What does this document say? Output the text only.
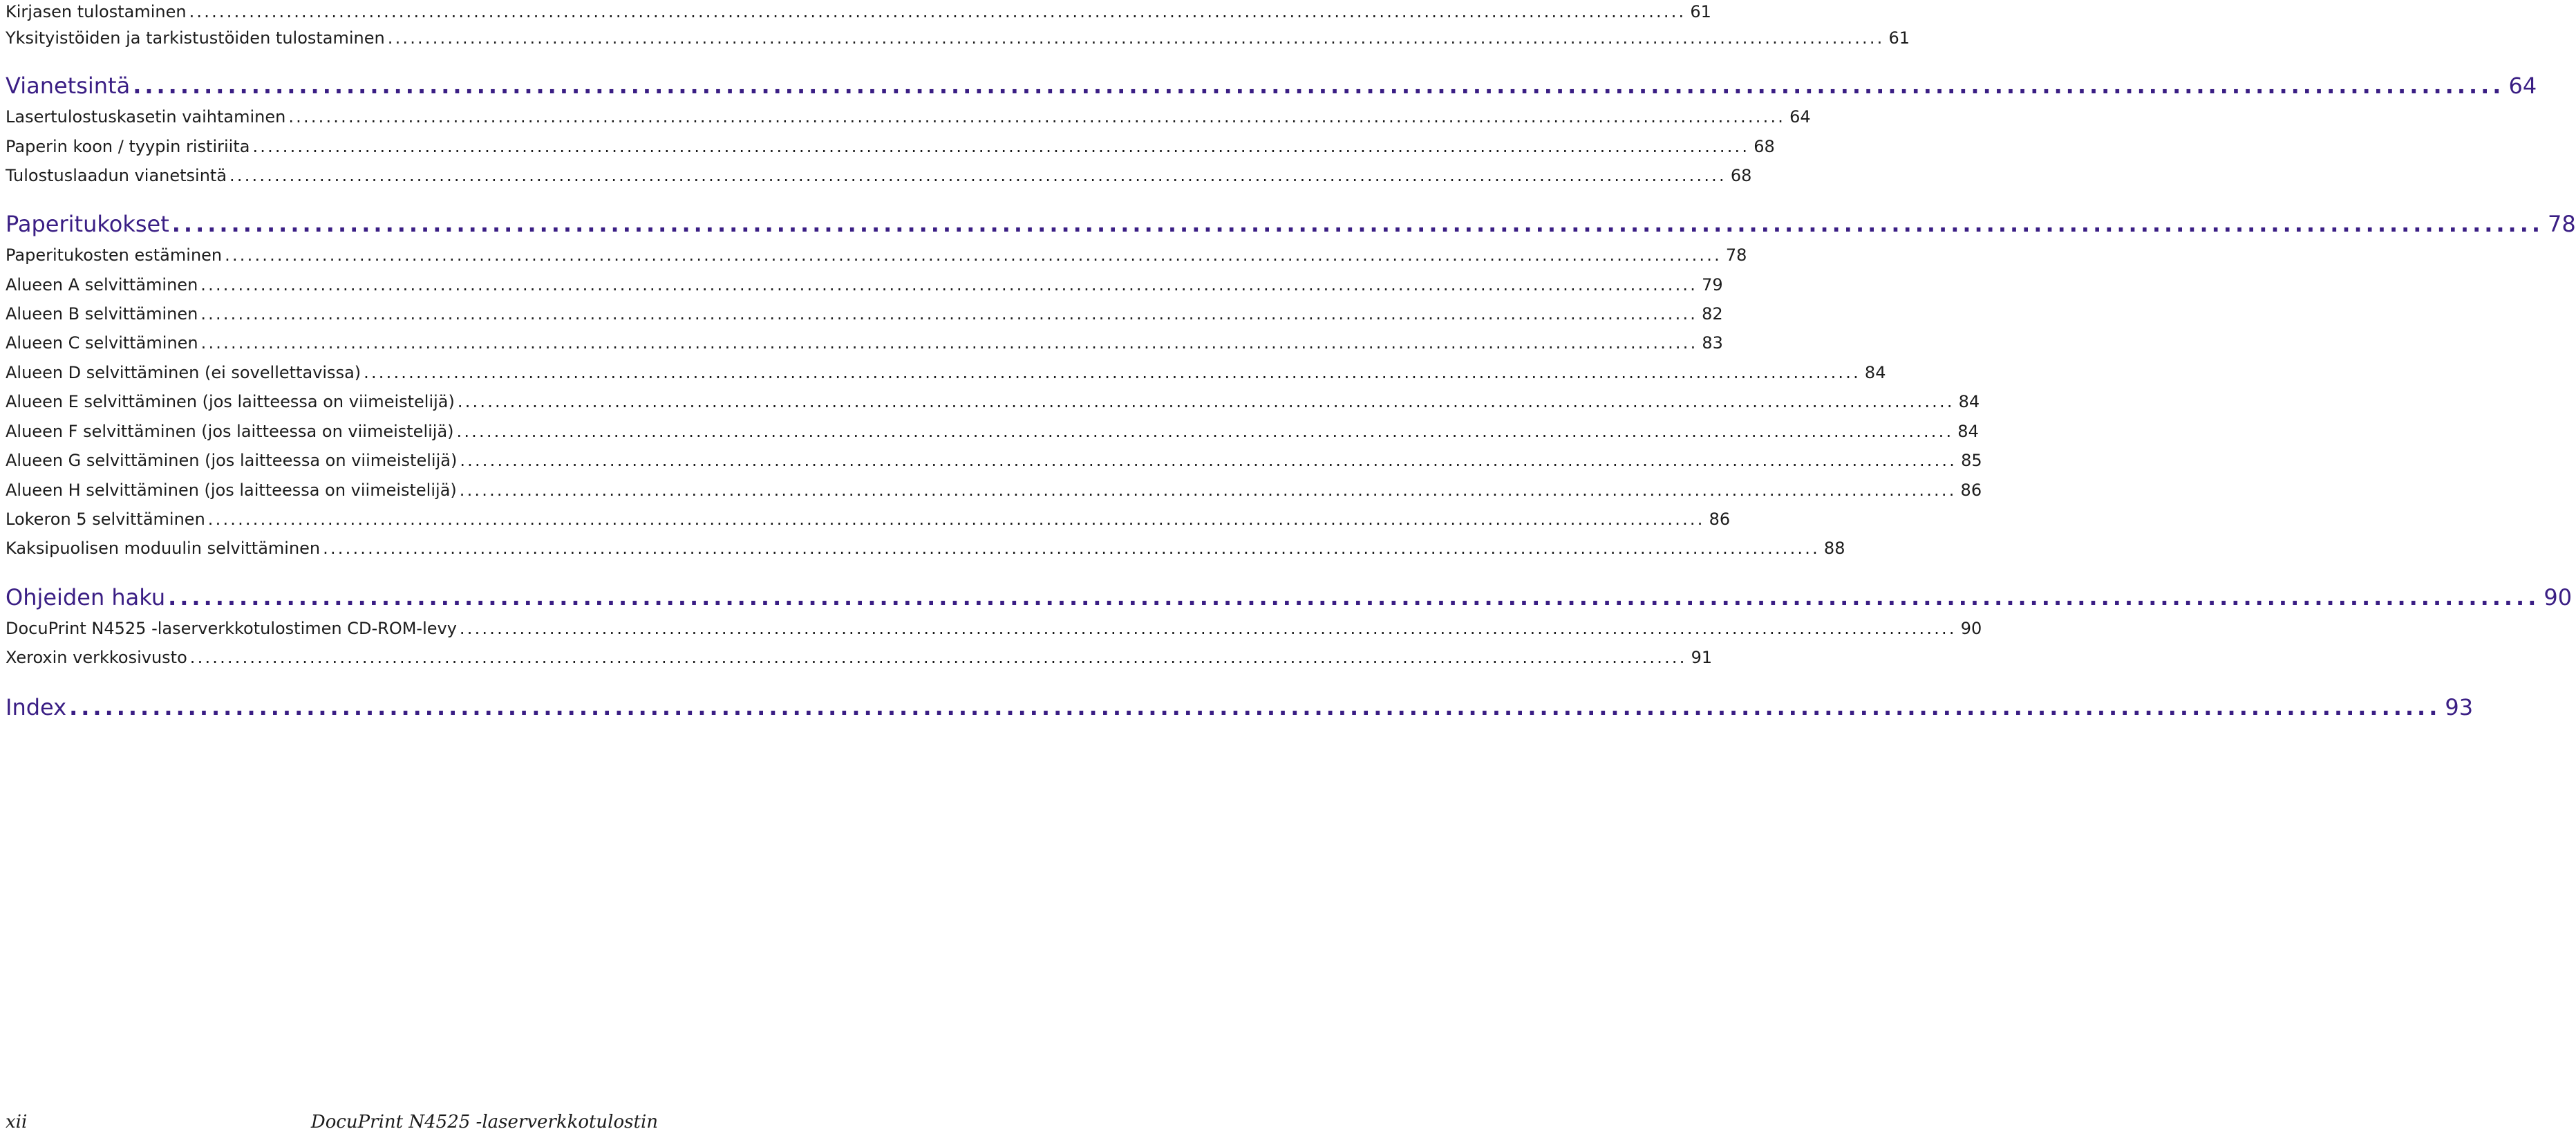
Kirjasen tulostaminen ........................................................................................................................................................................................................ 61
Yksityistöiden ja tarkistustöiden tulostaminen ........................................................................................................................................................................................................ 61
Vianetsintä ........................................................................................................................................................................................................ 64
Lasertulostuskasetin vaihtaminen ........................................................................................................................................................................................................ 64
Paperin koon / tyypin ristiriita ........................................................................................................................................................................................................ 68
Tulostuslaadun vianetsintä ........................................................................................................................................................................................................ 68
Paperitukokset ........................................................................................................................................................................................................ 78
Paperitukosten estäminen ........................................................................................................................................................................................................ 78
Alueen A selvittäminen ........................................................................................................................................................................................................ 79
Alueen B selvittäminen ........................................................................................................................................................................................................ 82
Alueen C selvittäminen ........................................................................................................................................................................................................ 83
Alueen D selvittäminen (ei sovellettavissa) ........................................................................................................................................................................................................ 84
Alueen E selvittäminen (jos laitteessa on viimeistelijä) ........................................................................................................................................................................................................ 84
Alueen F selvittäminen (jos laitteessa on viimeistelijä) ........................................................................................................................................................................................................ 84
Alueen G selvittäminen (jos laitteessa on viimeistelijä) ........................................................................................................................................................................................................ 85
Alueen H selvittäminen (jos laitteessa on viimeistelijä) ........................................................................................................................................................................................................ 86
Lokeron 5 selvittäminen ........................................................................................................................................................................................................ 86
Kaksipuolisen moduulin selvittäminen ........................................................................................................................................................................................................ 88
Ohjeiden haku ........................................................................................................................................................................................................ 90
DocuPrint N4525 -laserverkkotulostimen CD-ROM-levy ........................................................................................................................................................................................................ 90
Xeroxin verkkosivusto ........................................................................................................................................................................................................ 91
Index ........................................................................................................................................................................................................ 93
xii	DocuPrint N4525 -laserverkkotulostin
